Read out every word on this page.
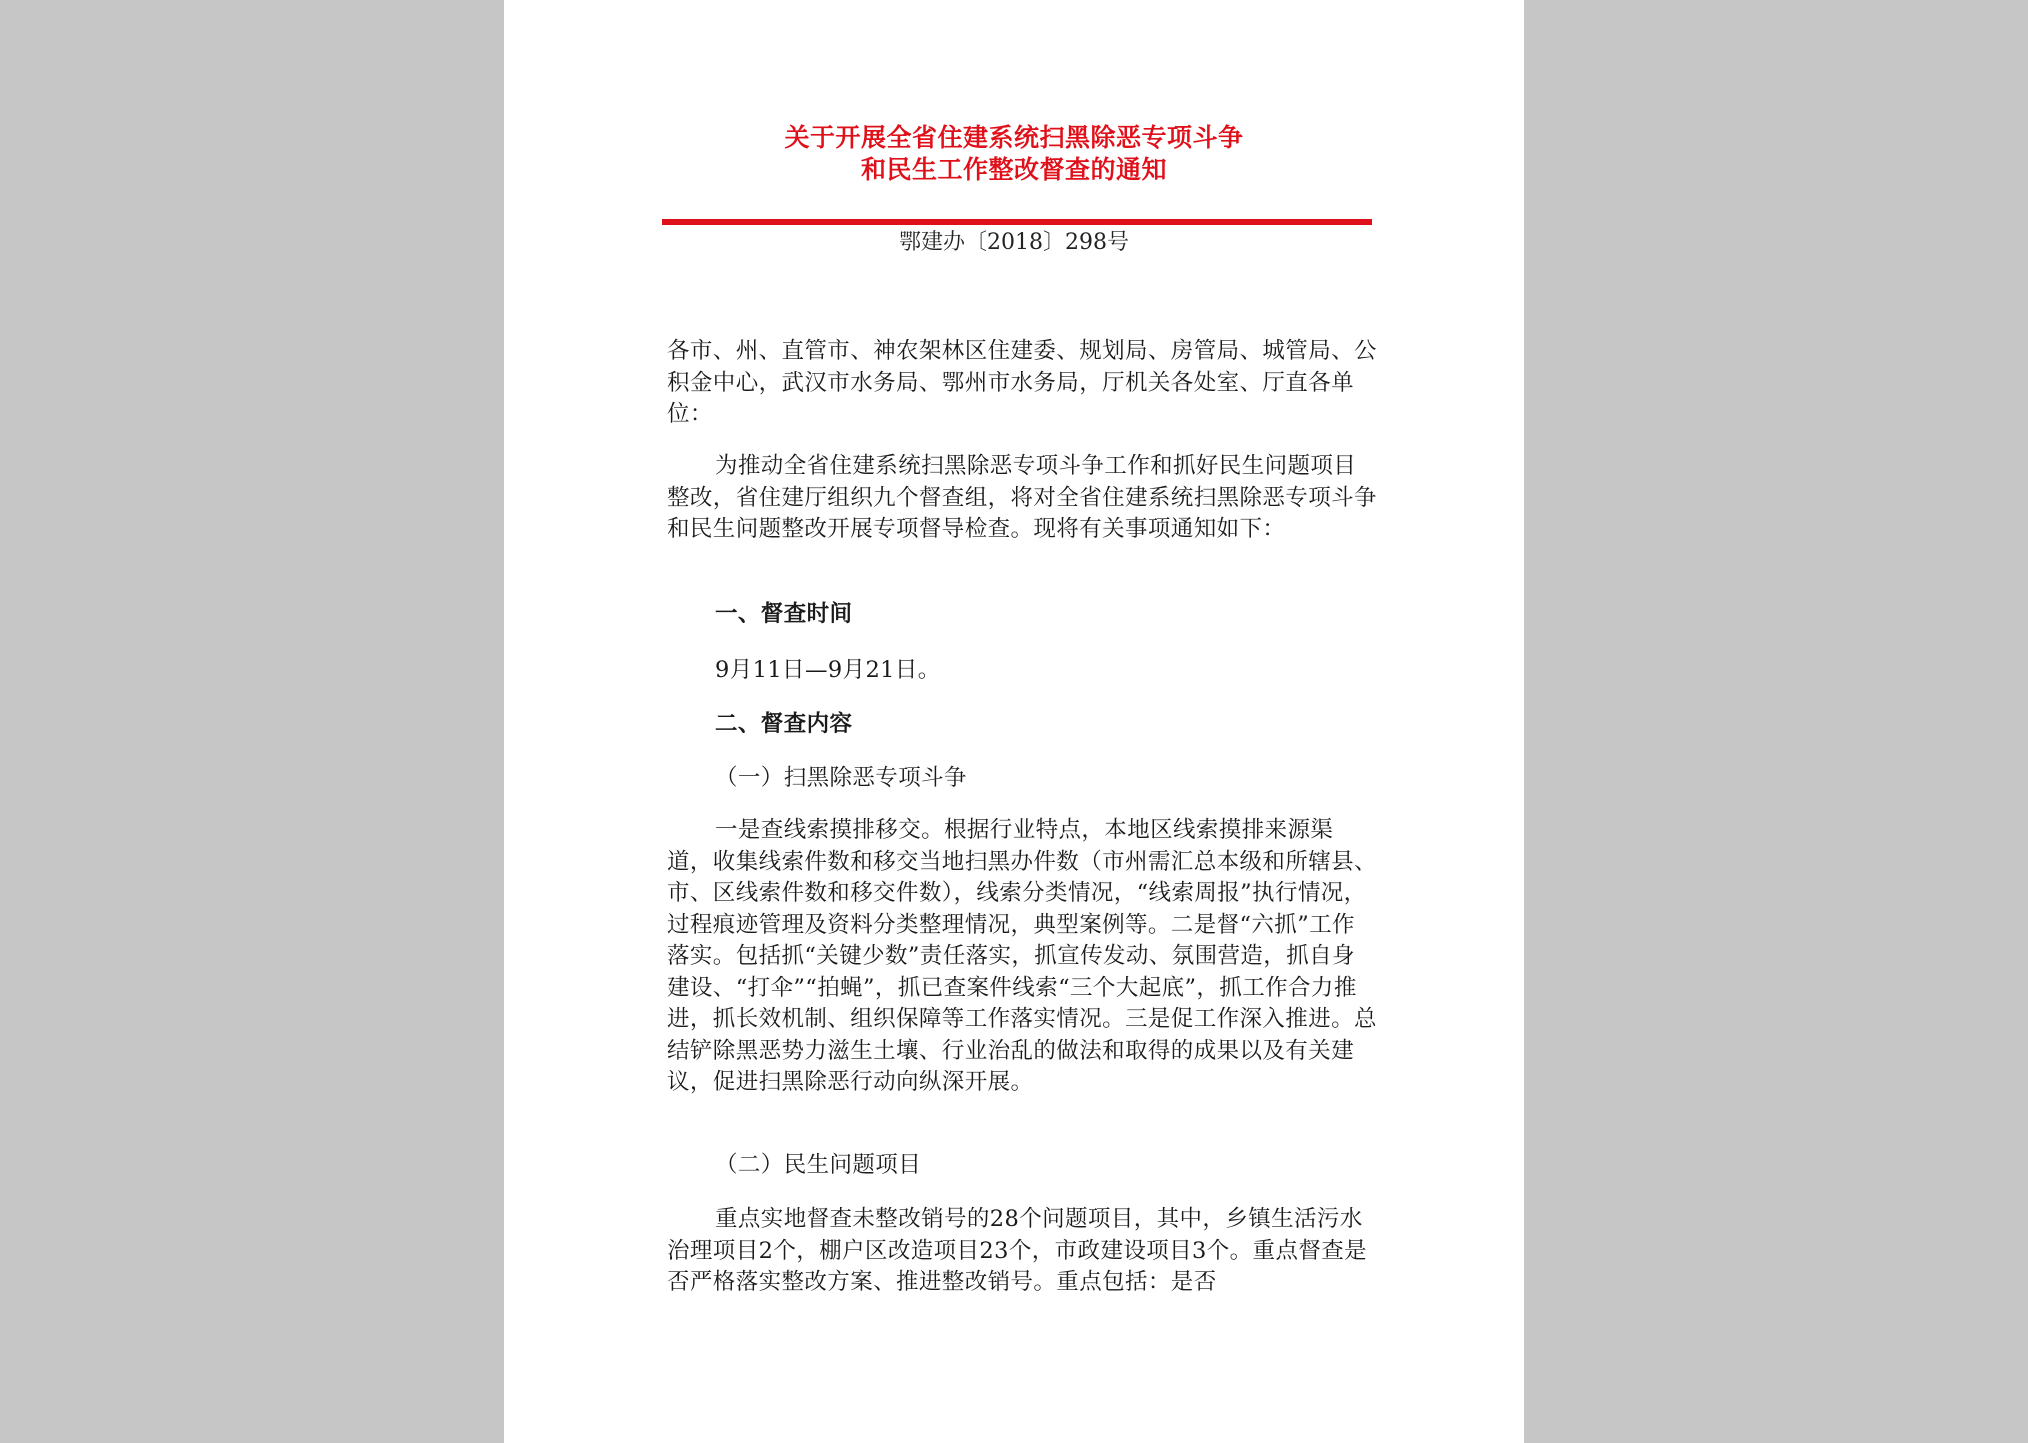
关于开展全省住建系统扫黑除恶专项斗争
和民生工作整改督查的通知
鄂建办〔2018〕298号

各市、州、直管市、神农架林区住建委、规划局、房管局、城管局、公积金中心，武汉市水务局、鄂州市水务局，厅机关各处室、厅直各单位：

为推动全省住建系统扫黑除恶专项斗争工作和抓好民生问题项目整改，省住建厅组织九个督查组，将对全省住建系统扫黑除恶专项斗争和民生问题整改开展专项督导检查。现将有关事项通知如下：

一、督查时间

9月11日—9月21日。

二、督查内容

（一）扫黑除恶专项斗争

一是查线索摸排移交。根据行业特点，本地区线索摸排来源渠道，收集线索件数和移交当地扫黑办件数（市州需汇总本级和所辖县、市、区线索件数和移交件数），线索分类情况，“线索周报”执行情况，过程痕迹管理及资料分类整理情况，典型案例等。二是督“六抓”工作落实。包括抓“关键少数”责任落实，抓宣传发动、氛围营造，抓自身建设、“打伞”“拍蝇”，抓已查案件线索“三个大起底”，抓工作合力推进，抓长效机制、组织保障等工作落实情况。三是促工作深入推进。总结铲除黑恶势力滋生土壤、行业治乱的做法和取得的成果以及有关建议，促进扫黑除恶行动向纵深开展。

（二）民生问题项目

重点实地督查未整改销号的28个问题项目，其中，乡镇生活污水治理项目2个，棚户区改造项目23个，市政建设项目3个。重点督查是否严格落实整改方案、推进整改销号。重点包括：是否
